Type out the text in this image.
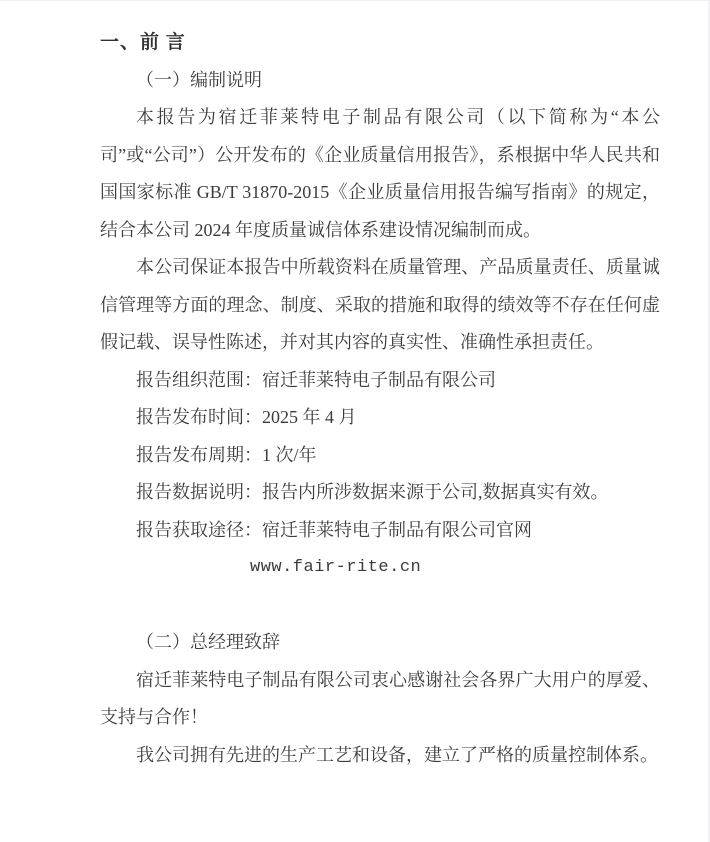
一、前 言
（一）编制说明

本报告为宿迁菲莱特电子制品有限公司（以下简称为“本公司”或“公司”）公开发布的《企业质量信用报告》，系根据中华人民共和国国家标准 GB/T 31870-2015《企业质量信用报告编写指南》的规定，结合本公司 2024 年度质量诚信体系建设情况编制而成。

本公司保证本报告中所载资料在质量管理、产品质量责任、质量诚信管理等方面的理念、制度、采取的措施和取得的绩效等不存在任何虚假记载、误导性陈述，并对其内容的真实性、准确性承担责任。

报告组织范围：宿迁菲莱特电子制品有限公司
报告发布时间：2025 年 4 月
报告发布周期：1 次/年
报告数据说明：报告内所涉数据来源于公司,数据真实有效。
报告获取途径：宿迁菲莱特电子制品有限公司官网
www.fair-rite.cn
（二）总经理致辞

宿迁菲莱特电子制品有限公司衷心感谢社会各界广大用户的厚爱、支持与合作！

我公司拥有先进的生产工艺和设备，建立了严格的质量控制体系。
